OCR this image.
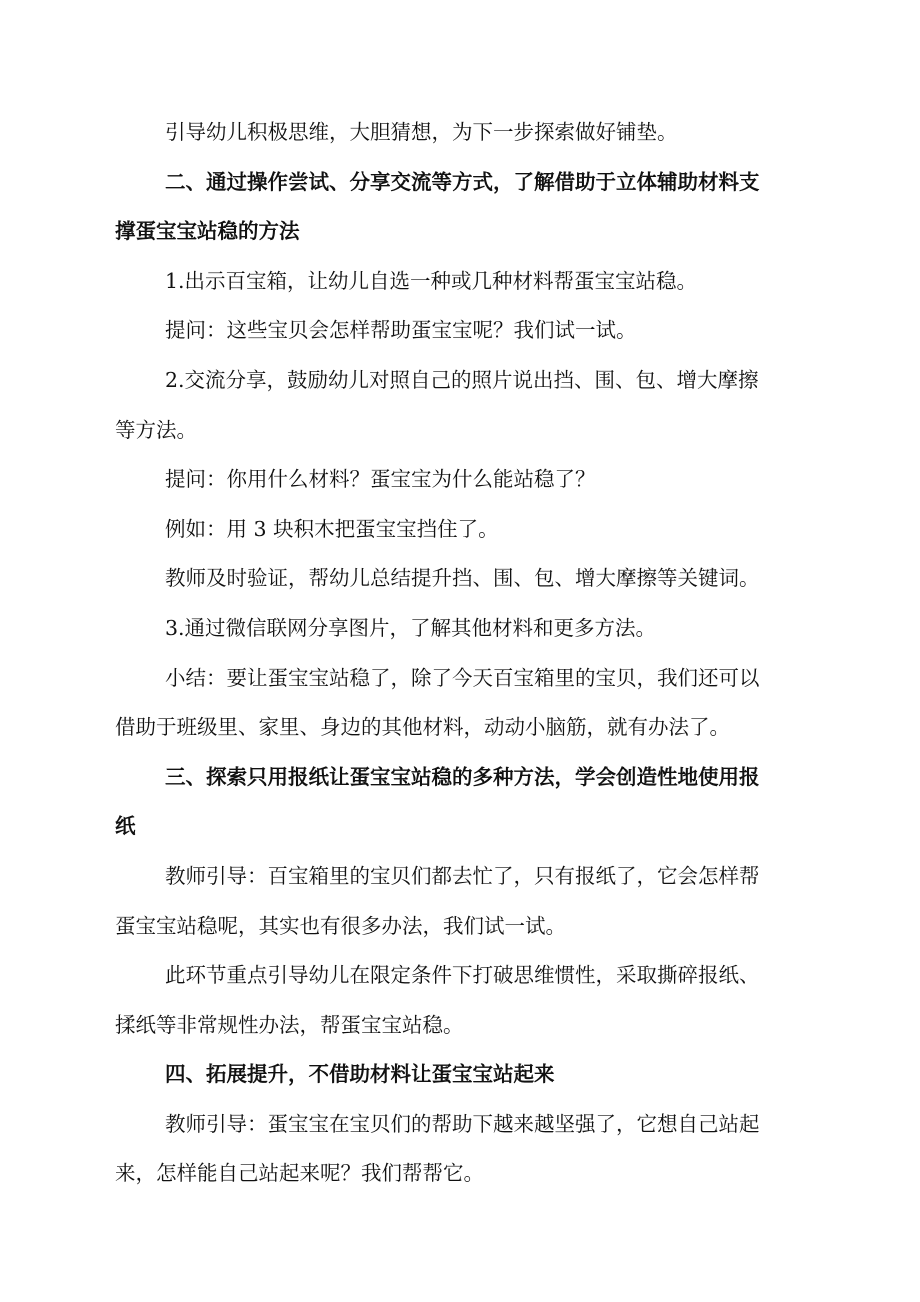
引导幼儿积极思维，大胆猜想，为下一步探索做好铺垫。
二、通过操作尝试、分享交流等方式，了解借助于立体辅助材料支
撑蛋宝宝站稳的方法
1.出示百宝箱，让幼儿自选一种或几种材料帮蛋宝宝站稳。
提问：这些宝贝会怎样帮助蛋宝宝呢？我们试一试。
2.交流分享，鼓励幼儿对照自己的照片说出挡、围、包、增大摩擦
等方法。
提问：你用什么材料？蛋宝宝为什么能站稳了？
例如：用 3 块积木把蛋宝宝挡住了。
教师及时验证，帮幼儿总结提升挡、围、包、增大摩擦等关键词。
3.通过微信联网分享图片，了解其他材料和更多方法。
小结：要让蛋宝宝站稳了，除了今天百宝箱里的宝贝，我们还可以
借助于班级里、家里、身边的其他材料，动动小脑筋，就有办法了。
三、探索只用报纸让蛋宝宝站稳的多种方法，学会创造性地使用报
纸
教师引导：百宝箱里的宝贝们都去忙了，只有报纸了，它会怎样帮
蛋宝宝站稳呢，其实也有很多办法，我们试一试。
此环节重点引导幼儿在限定条件下打破思维惯性，采取撕碎报纸、
揉纸等非常规性办法，帮蛋宝宝站稳。
四、拓展提升，不借助材料让蛋宝宝站起来
教师引导：蛋宝宝在宝贝们的帮助下越来越坚强了，它想自己站起
来，怎样能自己站起来呢？我们帮帮它。
